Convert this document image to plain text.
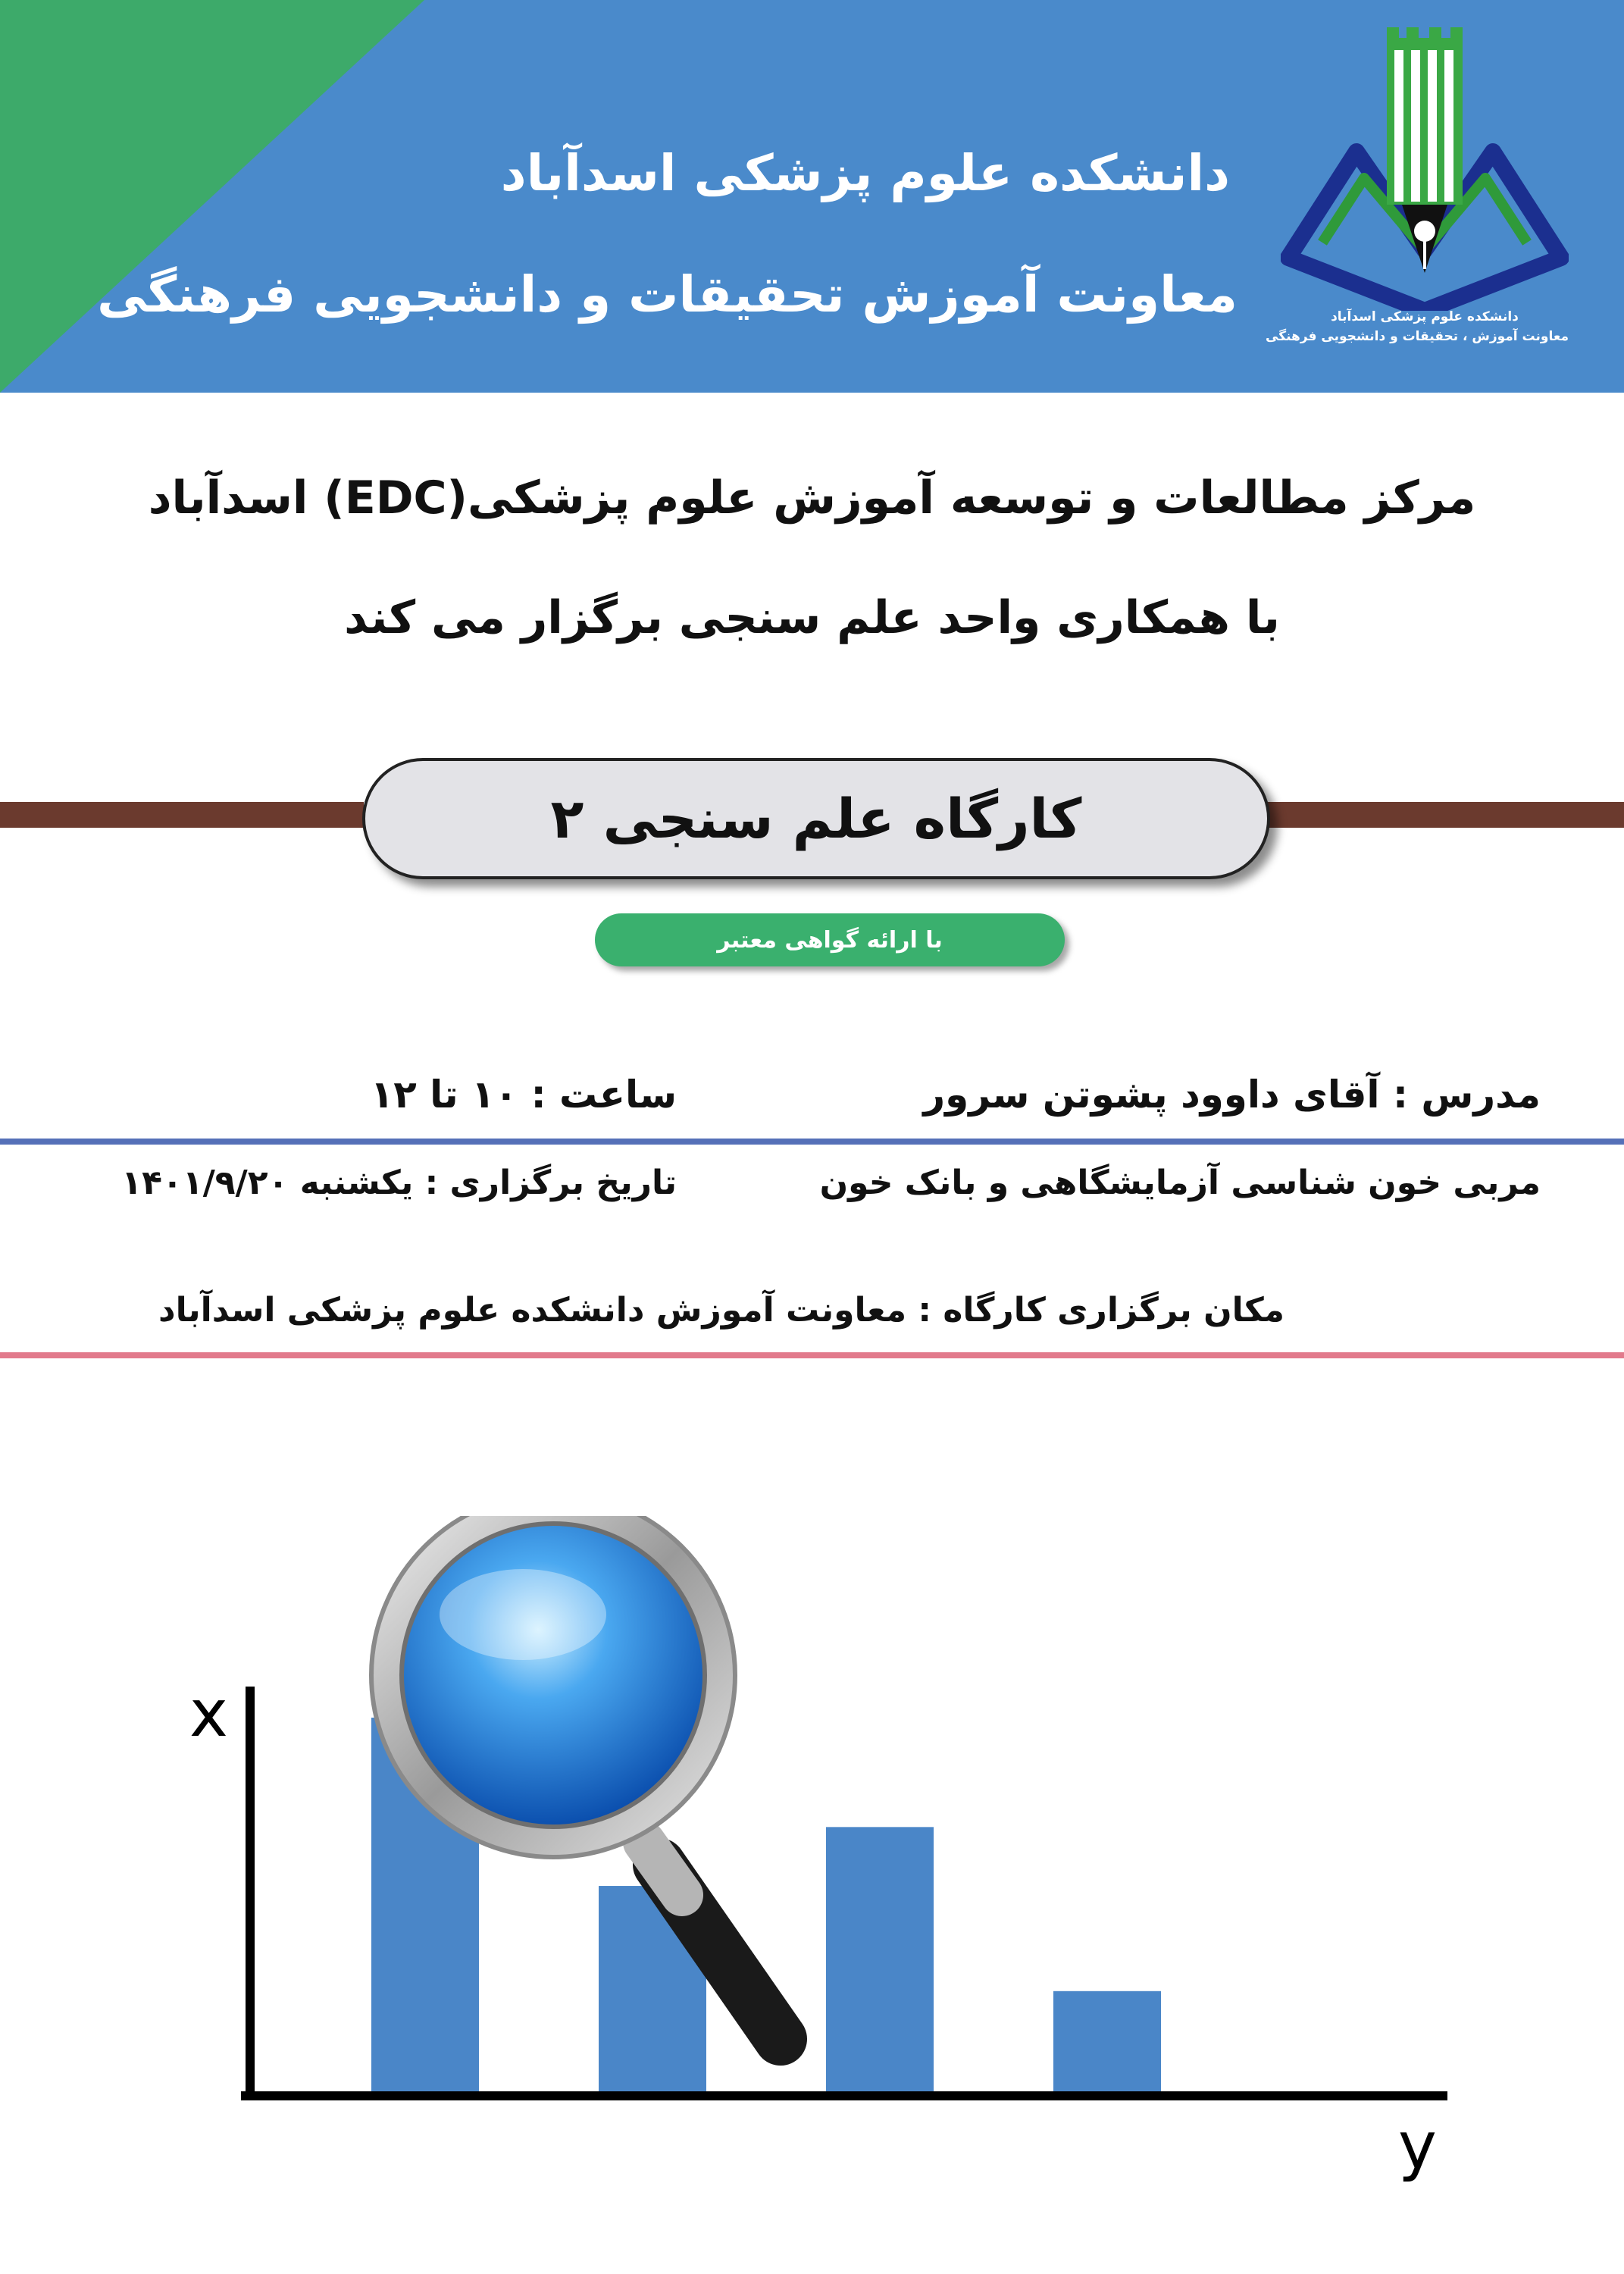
دانشکده علوم پزشکی اسدآباد
معاونت آموزش تحقیقات و دانشجویی فرهنگی	دانشکده علوم پزشکی اسدآباد
معاونت آموزش ، تحقیقات و دانشجویی فرهنگی
مرکز مطالعات و توسعه آموزش علوم پزشکی(EDC) اسدآباد
با همکاری واحد علم سنجی برگزار می کند
کارگاه علم سنجی ۲
با ارائه گواهی معتبر
مدرس : آقای داوود پشوتن سرور
ساعت : ۱۰ تا ۱۲
مربی خون شناسی آزمایشگاهی و بانک خون
تاریخ برگزاری : یکشنبه ۱۴۰۱/۹/۲۰
مکان برگزاری کارگاه : معاونت آموزش دانشکده علوم پزشکی اسدآباد
x
y
